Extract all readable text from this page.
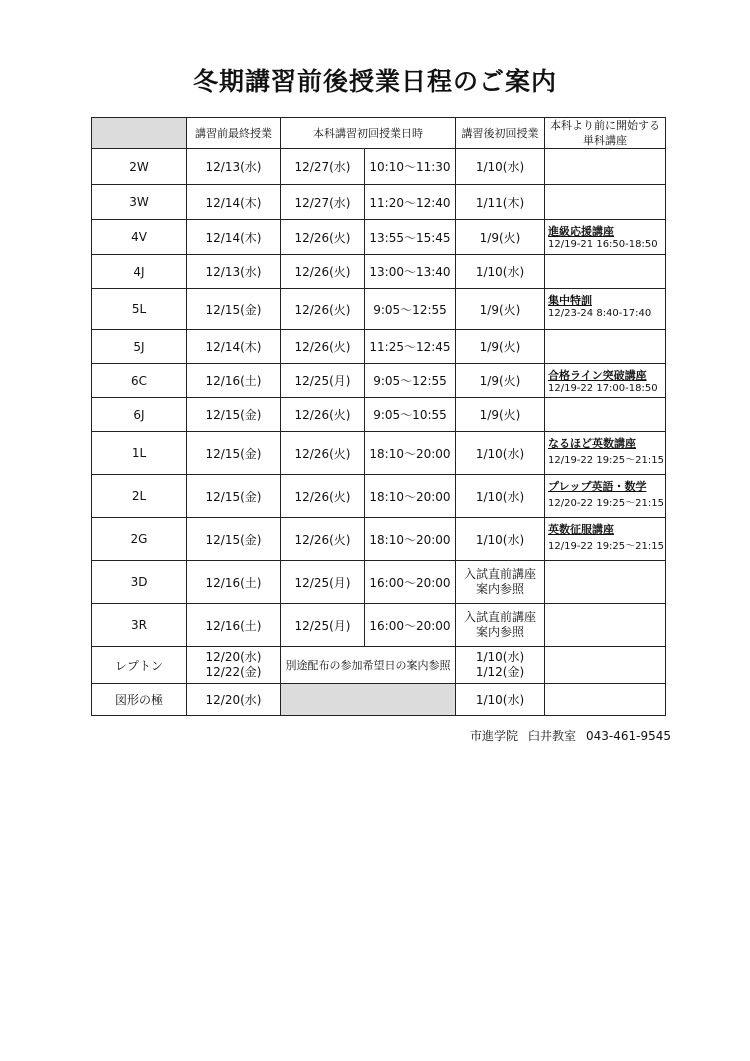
冬期講習前後授業日程のご案内
	講習前最終授業	本科講習初回授業日時		講習後初回授業	本科より前に開始する
単科講座

2W	12/13(水)	12/27(水)	10:10～11:30	1/10(水)	
3W	12/14(木)	12/27(水)	11:20～12:40	1/11(木)	
4V	12/14(木)	12/26(火)	13:55～15:45	1/9(火)	進級応援講座
12/19-21 16:50-18:50

4J	12/13(水)	12/26(火)	13:00～13:40	1/10(水)	
5L	12/15(金)	12/26(火)	9:05～12:55	1/9(火)	集中特訓
12/23-24 8:40-17:40

5J	12/14(木)	12/26(火)	11:25～12:45	1/9(火)	
6C	12/16(土)	12/25(月)	9:05～12:55	1/9(火)	合格ライン突破講座
12/19-22 17:00-18:50

6J	12/15(金)	12/26(火)	9:05～10:55	1/9(火)	
1L	12/15(金)	12/26(火)	18:10～20:00	1/10(水)	なるほど英数講座
12/19-22 19:25～21:15

2L	12/15(金)	12/26(火)	18:10～20:00	1/10(水)	プレップ英語・数学
12/20-22 19:25～21:15

2G	12/15(金)	12/26(火)	18:10～20:00	1/10(水)	英数征服講座
12/19-22 19:25～21:15

3D	12/16(土)	12/25(月)	16:00～20:00	入試直前講座
案内参照	

3R	12/16(土)	12/25(月)	16:00～20:00	入試直前講座
案内参照	

レプトン	12/20(水)
12/22(金)	別途配布の参加希望日の案内参照		1/10(水)
1/12(金)	

図形の極	12/20(水)			1/10(水)	
市進学院 臼井教室 043-461-9545
